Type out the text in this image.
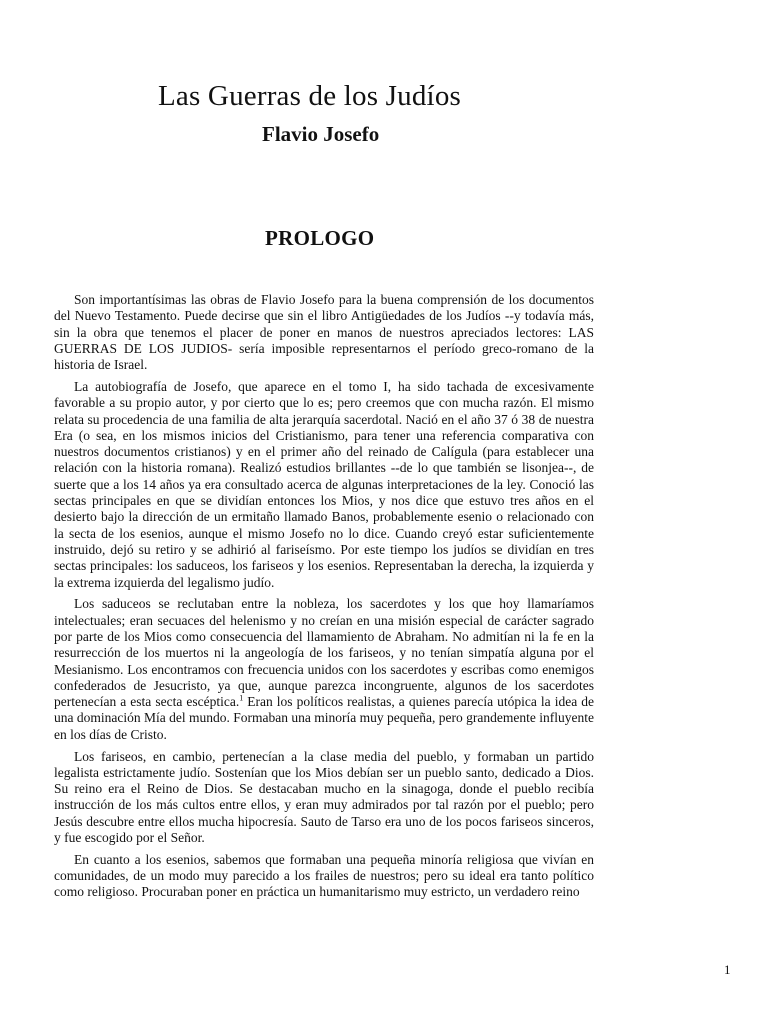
Las Guerras de los Judíos
Flavio Josefo
PROLOGO

Son importantísimas las obras de Flavio Josefo para la buena comprensión de los documentos del Nuevo Testamento. Puede decirse que sin el libro Antigüedades de los Judíos --y todavía más, sin la obra que tenemos el placer de poner en manos de nuestros apreciados lectores: LAS GUERRAS DE LOS JUDIOS- sería imposible representarnos el período greco-romano de la historia de Israel.

La autobiografía de Josefo, que aparece en el tomo I, ha sido tachada de excesivamente favorable a su propio autor, y por cierto que lo es; pero creemos que con mucha razón. El mismo relata su procedencia de una familia de alta jerarquía sacerdotal. Nació en el año 37 ó 38 de nuestra Era (o sea, en los mismos inicios del Cristianismo, para tener una referencia comparativa con nuestros documentos cristianos) y en el primer año del reinado de Calígula (para establecer una relación con la historia romana). Realizó estudios brillantes --de lo que también se lisonjea--, de suerte que a los 14 años ya era consultado acerca de algunas interpretaciones de la ley. Conoció las sectas principales en que se dividían entonces los Mios, y nos dice que estuvo tres años en el desierto bajo la dirección de un ermitaño llamado Banos, probablemente esenio o relacionado con la secta de los esenios, aunque el mismo Josefo no lo dice. Cuando creyó estar suficientemente instruido, dejó su retiro y se adhirió al fariseísmo. Por este tiempo los judíos se dividían en tres sectas principales: los saduceos, los fariseos y los esenios. Representaban la derecha, la izquierda y la extrema izquierda del legalismo judío.

Los saduceos se reclutaban entre la nobleza, los sacerdotes y los que hoy llamaríamos intelectuales; eran secuaces del helenismo y no creían en una misión especial de carácter sagrado por parte de los Mios como consecuencia del llamamiento de Abraham. No admitían ni la fe en la resurrección de los muertos ni la angeología de los fariseos, y no tenían simpatía alguna por el Mesianismo. Los encontramos con frecuencia unidos con los sacerdotes y escribas como enemigos confederados de Jesucristo, ya que, aunque parezca incongruente, algunos de los sacerdotes pertenecían a esta secta escéptica.$^1$ Eran los políticos realistas, a quienes parecía utópica la idea de una dominación Mía del mundo. Formaban una minoría muy pequeña, pero grandemente influyente en los días de Cristo.

Los fariseos, en cambio, pertenecían a la clase media del pueblo, y formaban un partido legalista estrictamente judío. Sostenían que los Mios debían ser un pueblo santo, dedicado a Dios. Su reino era el Reino de Dios. Se destacaban mucho en la sinagoga, donde el pueblo recibía instrucción de los más cultos entre ellos, y eran muy admirados por tal razón por el pueblo; pero Jesús descubre entre ellos mucha hipocresía. Sauto de Tarso era uno de los pocos fariseos sinceros, y fue escogido por el Señor.

En cuanto a los esenios, sabemos que formaban una pequeña minoría religiosa que vivían en comunidades, de un modo muy parecido a los frailes de nuestros; pero su ideal era tanto político como religioso. Procuraban poner en práctica un humanitarismo muy estricto, un verdadero reino

1
